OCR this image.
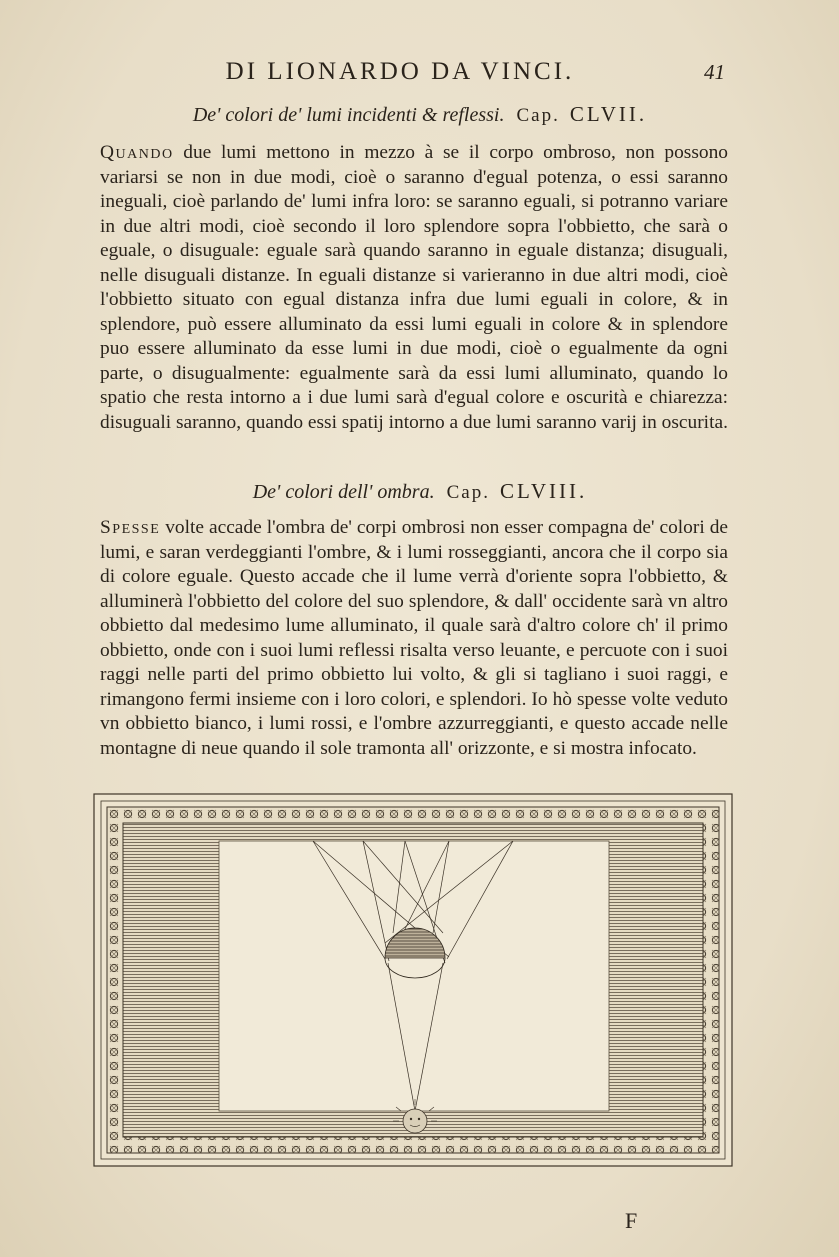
DI LIONARDO DA VINCI.	41
De' colori de' lumi incidenti & reflessi. Cap. CLVII.
Quando due lumi mettono in mezzo à se il corpo ombroso, non possono variarsi se non in due modi, cioè o saranno d'egual potenza, o essi saranno ineguali, cioè parlando de' lumi infra loro: se saranno eguali, si potranno variare in due altri modi, cioè secondo il loro splendore sopra l'obbietto, che sarà o eguale, o disuguale: eguale sarà quando saranno in eguale distanza; disuguali, nelle disuguali distanze. In eguali distanze si varieranno in due altri modi, cioè l'obbietto situato con egual distanza infra due lumi eguali in colore, & in splendore, può essere alluminato da essi lumi eguali in colore & in splendore puo essere alluminato da esse lumi in due modi, cioè o egualmente da ogni parte, o disugualmente: egualmente sarà da essi lumi alluminato, quando lo spatio che resta intorno a i due lumi sarà d'egual colore e oscurità e chiarezza: disuguali saranno, quando essi spatij intorno a due lumi saranno varij in oscurita.
De' colori dell' ombra. Cap. CLVIII.
Spesse volte accade l'ombra de' corpi ombrosi non esser compagna de' colori de lumi, e saran verdeggianti l'ombre, & i lumi rosseggianti, ancora che il corpo sia di colore eguale. Questo accade che il lume verrà d'oriente sopra l'obbietto, & alluminerà l'obbietto del colore del suo splendore, & dall' occidente sarà vn altro obbietto dal medesimo lume alluminato, il quale sarà d'altro colore ch' il primo obbietto, onde con i suoi lumi reflessi risalta verso leuante, e percuote con i suoi raggi nelle parti del primo obbietto lui volto, & gli si tagliano i suoi raggi, e rimangono fermi insieme con i loro colori, e splendori. Io hò spesse volte veduto vn obbietto bianco, i lumi rossi, e l'ombre azzurreggianti, e questo accade nelle montagne di neue quando il sole tramonta all' orizzonte, e si mostra infocato.
F
